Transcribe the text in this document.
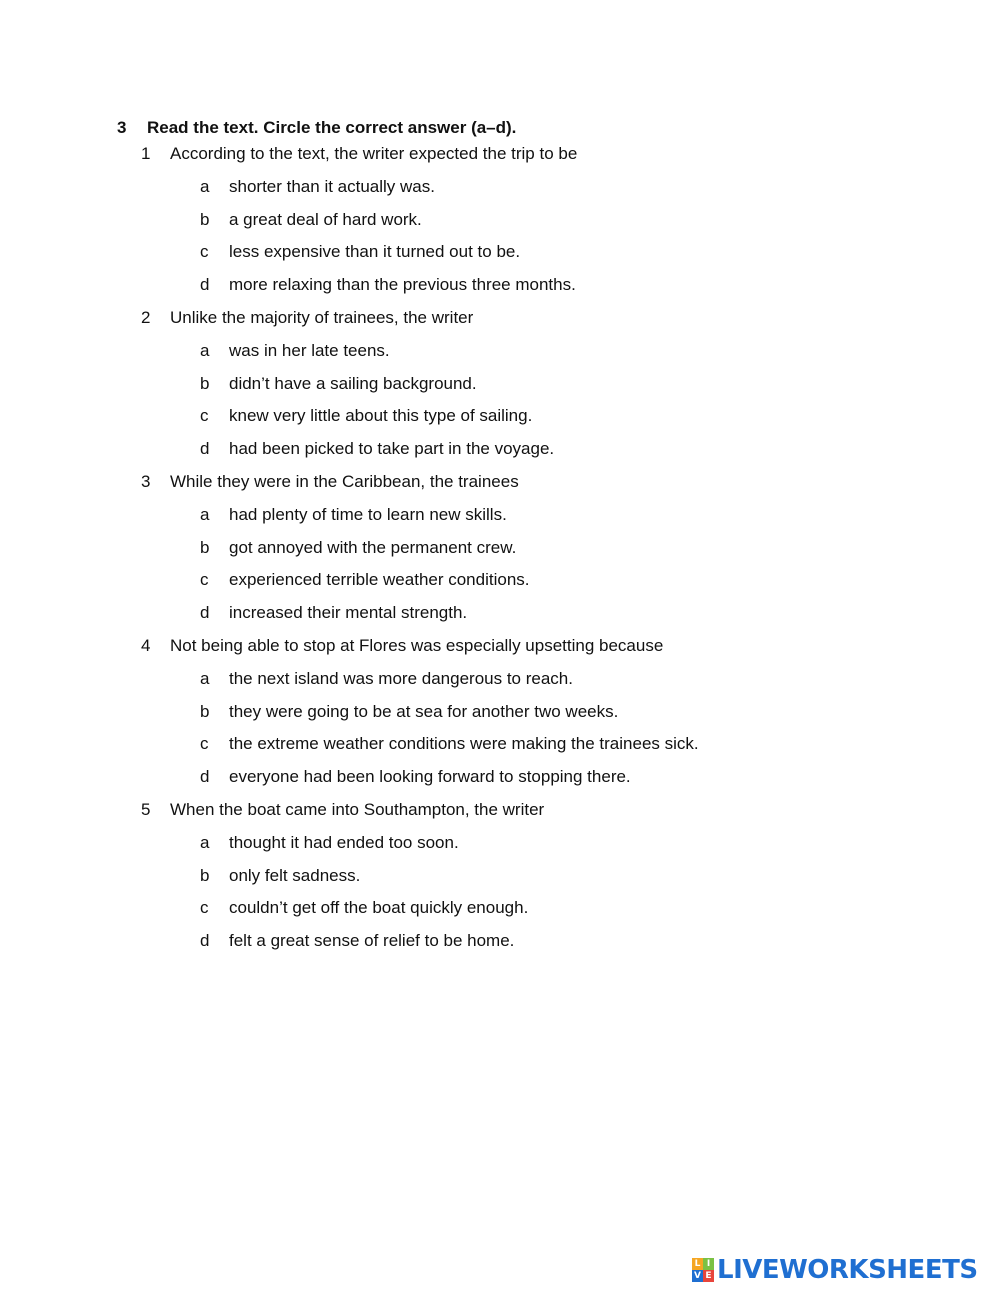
3	Read the text. Circle the correct answer (a–d).
1	According to the text, the writer expected the trip to be
a	shorter than it actually was.
b	a great deal of hard work.
c	less expensive than it turned out to be.
d	more relaxing than the previous three months.
2	Unlike the majority of trainees, the writer
a	was in her late teens.
b	didn’t have a sailing background.
c	knew very little about this type of sailing.
d	had been picked to take part in the voyage.
3	While they were in the Caribbean, the trainees
a	had plenty of time to learn new skills.
b	got annoyed with the permanent crew.
c	experienced terrible weather conditions.
d	increased their mental strength.
4	Not being able to stop at Flores was especially upsetting because
a	the next island was more dangerous to reach.
b	they were going to be at sea for another two weeks.
c	the extreme weather conditions were making the trainees sick.
d	everyone had been looking forward to stopping there.
5	When the boat came into Southampton, the writer
a	thought it had ended too soon.
b	only felt sadness.
c	couldn’t get off the boat quickly enough.
d	felt a great sense of relief to be home.
L I
V E LIVEWORKSHEETS
